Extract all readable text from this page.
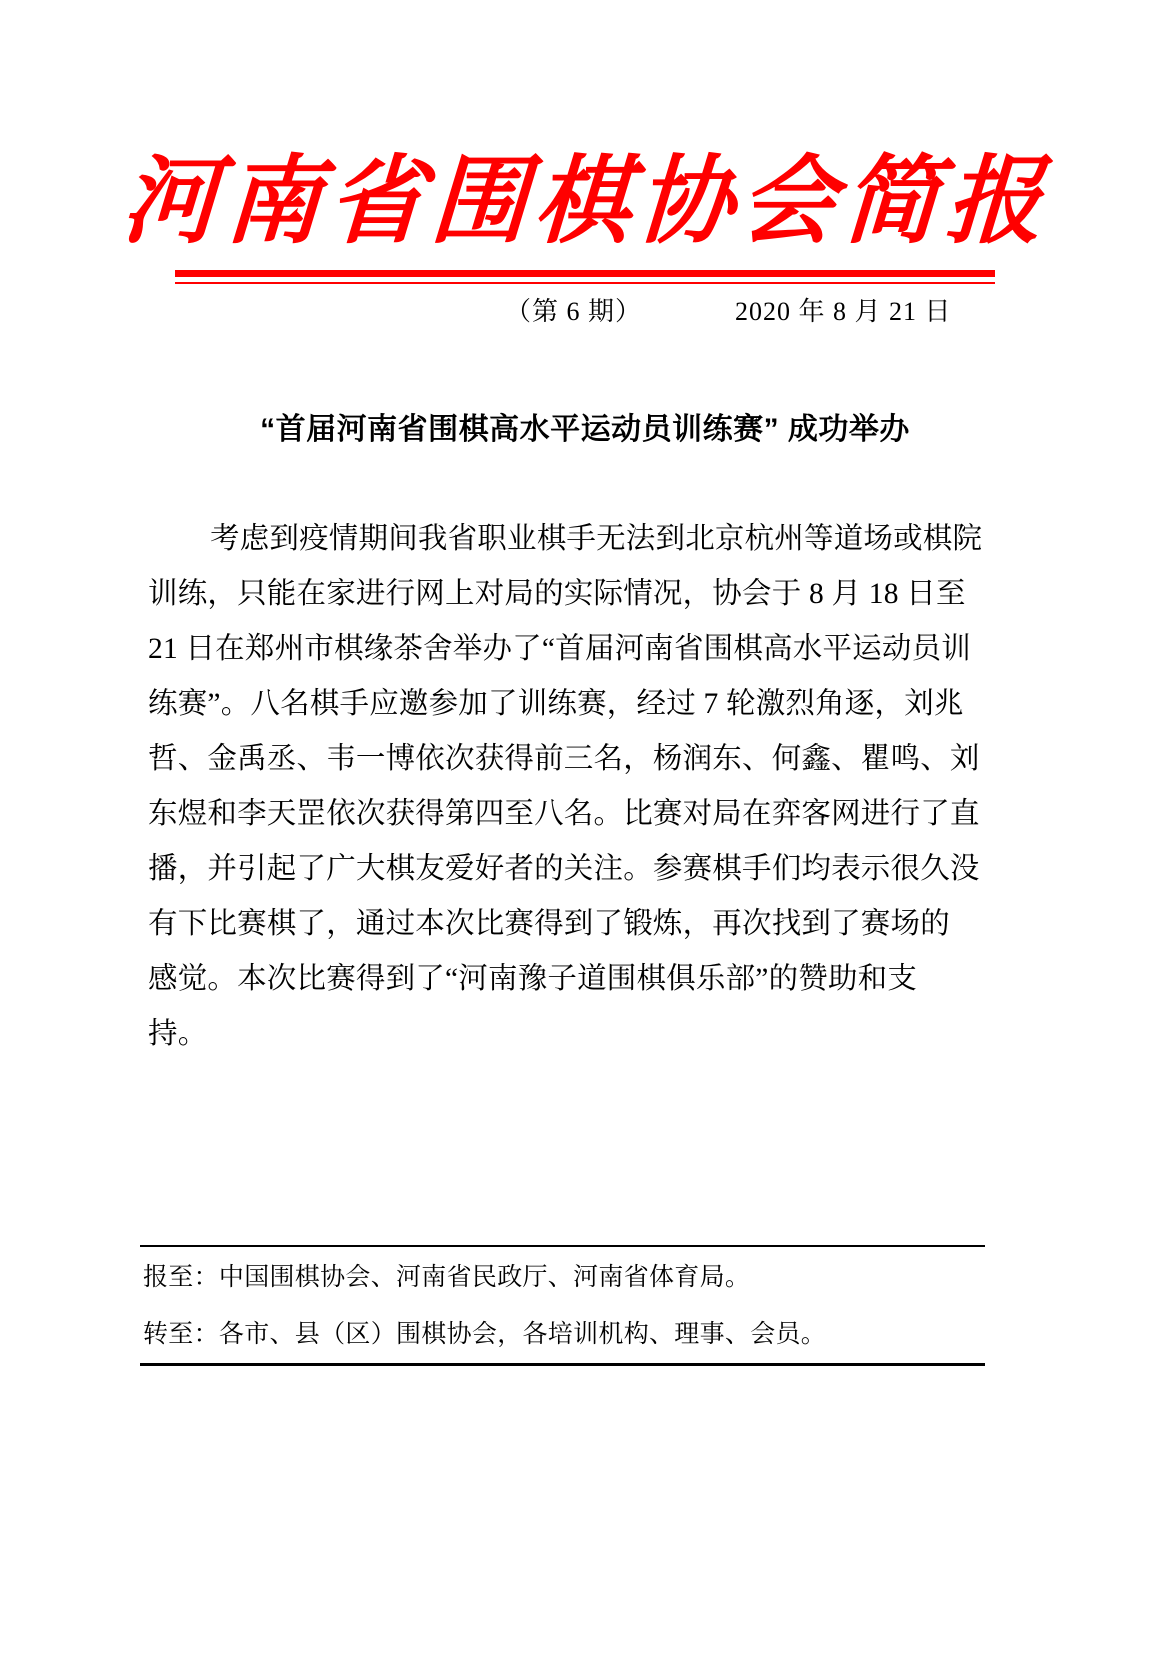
河南省围棋协会简报
（第 6 期）	2020 年 8 月 21 日
“首届河南省围棋高水平运动员训练赛” 成功举办
考虑到疫情期间我省职业棋手无法到北京杭州等道场或棋院
训练，只能在家进行网上对局的实际情况，协会于 8 月 18 日至
21 日在郑州市棋缘茶舍举办了“首届河南省围棋高水平运动员训
练赛”。八名棋手应邀参加了训练赛，经过 7 轮激烈角逐，刘兆
哲、金禹丞、韦一博依次获得前三名，杨润东、何鑫、瞿鸣、刘
东煜和李天罡依次获得第四至八名。比赛对局在弈客网进行了直
播，并引起了广大棋友爱好者的关注。参赛棋手们均表示很久没
有下比赛棋了，通过本次比赛得到了锻炼，再次找到了赛场的
感觉。本次比赛得到了“河南豫子道围棋俱乐部”的赞助和支
持。
报至：中国围棋协会、河南省民政厅、河南省体育局。
转至：各市、县（区）围棋协会，各培训机构、理事、会员。
